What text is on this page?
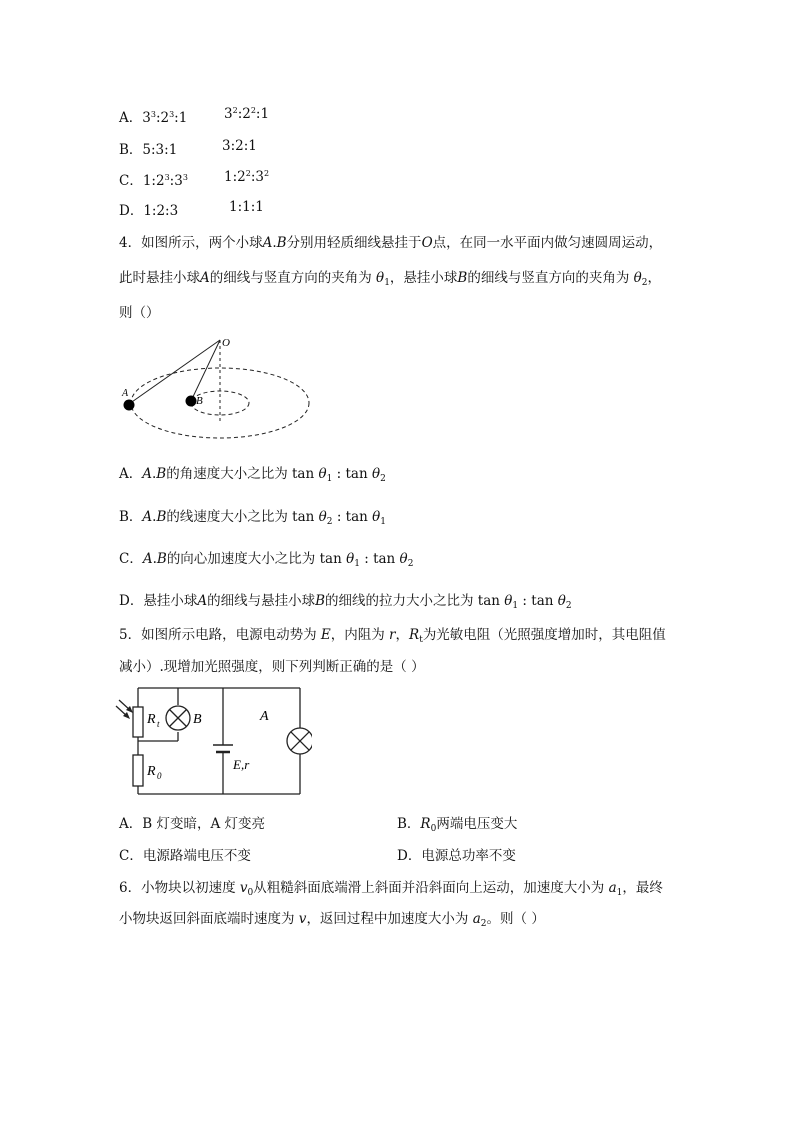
A．$3^3:2^3:1$	$3^2:2^2:1$
B．5:3:1	3:2:1
C．$1:2^3:3^3$	$1:2^2:3^2$
D．1:2:3	1:1:1
4．如图所示，两个小球A.B分别用轻质细线悬挂于O点，在同一水平面内做匀速圆周运动，
此时悬挂小球A的细线与竖直方向的夹角为 $\theta_1$，悬挂小球B的细线与竖直方向的夹角为 $\theta_2$，
则（）
O
A
B
A．A.B的角速度大小之比为 $\tan \theta_1$ : $\tan \theta_2$
B．A.B的线速度大小之比为 $\tan \theta_2$ : $\tan \theta_1$
C．A.B的向心加速度大小之比为 $\tan \theta_1$ : $\tan \theta_2$
D．悬挂小球A的细线与悬挂小球B的细线的拉力大小之比为 $\tan \theta_1$ : $\tan \theta_2$
5．如图所示电路，电源电动势为 E，内阻为 r，$R_t$为光敏电阻（光照强度增加时，其电阻值
减小）.现增加光照强度，则下列判断正确的是（ ）
R t B	A
R 0
E,r
A．B 灯变暗，A 灯变亮	B．$R_0$两端电压变大
C．电源路端电压不变	D．电源总功率不变
6．小物块以初速度 $v_0$从粗糙斜面底端滑上斜面并沿斜面向上运动，加速度大小为 $a_1$，最终
小物块返回斜面底端时速度为 v，返回过程中加速度大小为 $a_2$。则（ ）
